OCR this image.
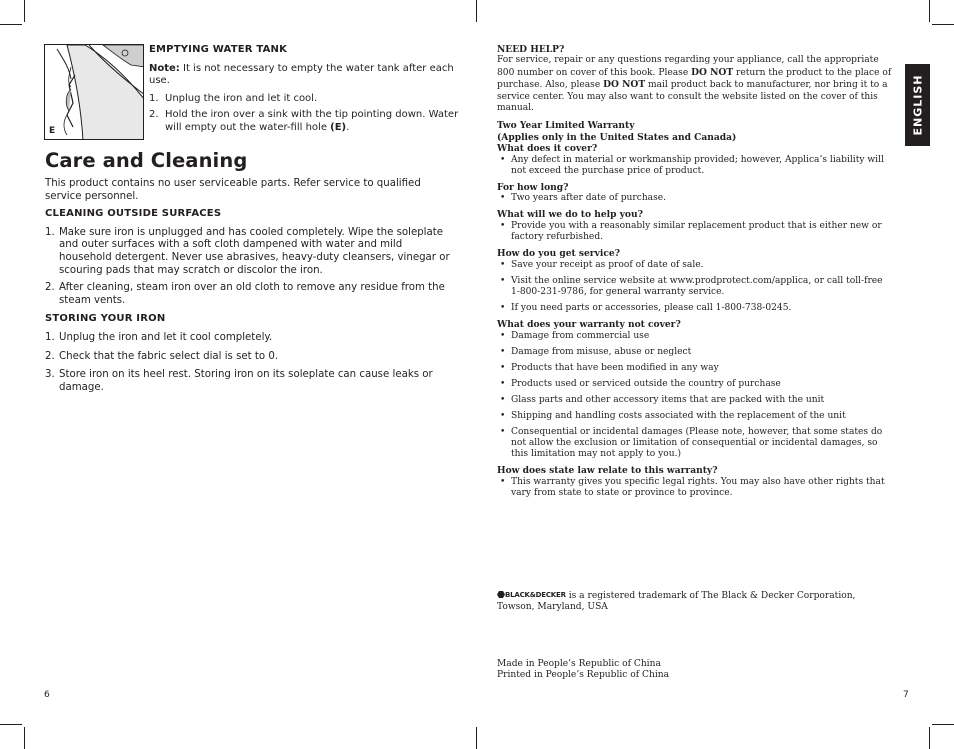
E
EMPTYING WATER TANK
Note: It is not necessary to empty the water tank after each use.
1. Unplug the iron and let it cool.
2. Hold the iron over a sink with the tip pointing down. Water will empty out the water-fill hole (E).
Care and Cleaning
This product contains no user serviceable parts. Refer service to qualified service personnel.
CLEANING OUTSIDE SURFACES
1. Make sure iron is unplugged and has cooled completely. Wipe the soleplate and outer surfaces with a soft cloth dampened with water and mild household detergent. Never use abrasives, heavy-duty cleansers, vinegar or scouring pads that may scratch or discolor the iron.
2. After cleaning, steam iron over an old cloth to remove any residue from the steam vents.
STORING YOUR IRON
1. Unplug the iron and let it cool completely.
2. Check that the fabric select dial is set to 0.
3. Store iron on its heel rest. Storing iron on its soleplate can cause leaks or damage.
6

NEED HELP?

For service, repair or any questions regarding your appliance, call the appropriate 800 number on cover of this book. Please DO NOT return the product to the place of purchase. Also, please DO NOT mail product back to manufacturer, nor bring it to a service center. You may also want to consult the website listed on the cover of this manual.

Two Year Limited Warranty

(Applies only in the United States and Canada)

What does it cover?

• Any defect in material or workmanship provided; however, Applica’s liability will not exceed the purchase price of product.

For how long?

• Two years after date of purchase.

What will we do to help you?

• Provide you with a reasonably similar replacement product that is either new or factory refurbished.

How do you get service?

• Save your receipt as proof of date of sale.
• Visit the online service website at www.prodprotect.com/applica, or call toll-free 1-800-231-9786, for general warranty service.
• If you need parts or accessories, please call 1-800-738-0245.

What does your warranty not cover?

• Damage from commercial use
• Damage from misuse, abuse or neglect
• Products that have been modified in any way
• Products used or serviced outside the country of purchase
• Glass parts and other accessory items that are packed with the unit
• Shipping and handling costs associated with the replacement of the unit
• Consequential or incidental damages (Please note, however, that some states do not allow the exclusion or limitation of consequential or incidental damages, so this limitation may not apply to you.)

How does state law relate to this warranty?

• This warranty gives you specific legal rights. You may also have other rights that vary from state to state or province to province.
ENGLISH
BLACK&DECKER is a registered trademark of The Black & Decker Corporation, Towson, Maryland, USA
Made in People’s Republic of China
Printed in People’s Republic of China
7
